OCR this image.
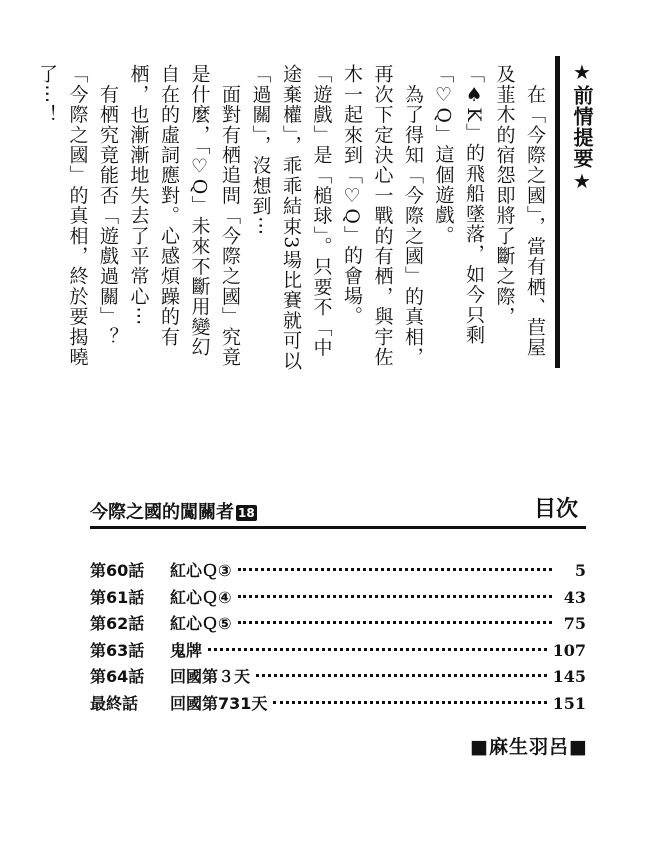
★前情提要★

　在「今際之國」，當有栖、苣屋及韮木的宿怨即將了斷之際，「♠K」的飛船墜落，如今只剩「♡Q」這個遊戲。

　為了得知「今際之國」的真相，再次下定決心一戰的有栖，與宇佐木一起來到「♡Q」的會場。

「遊戲」是「槌球」。只要不「中途棄權」，乖乖結束3場比賽就可以「過關」，沒想到⋯

　面對有栖追問「今際之國」究竟是什麼，「♡Q」未來不斷用變幻自在的虛詞應對。心感煩躁的有栖，也漸漸地失去了平常心⋯

　有栖究竟能否「遊戲過關」？「今際之國」的真相，終於要揭曉了⋯！

今際之國的闖關者 18	目次
第60話	紅心Ｑ③	5
第61話	紅心Ｑ④	43
第62話	紅心Ｑ⑤	75
第63話	鬼牌	107
第64話	回國第３天	145
最終話	回國第731天	151
■麻生羽呂■
